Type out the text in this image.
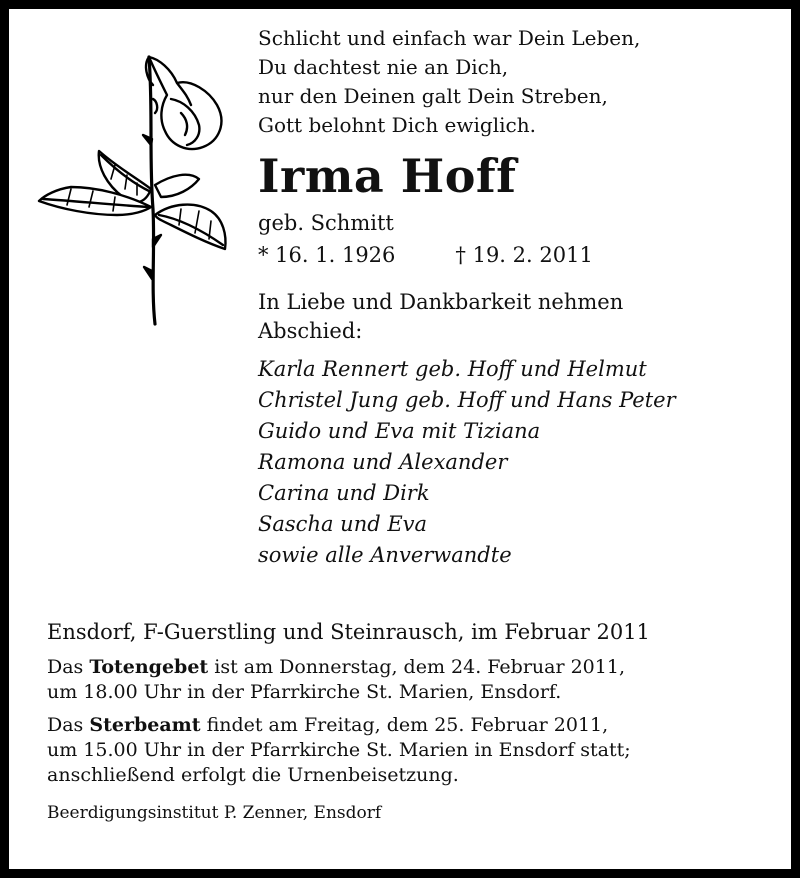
Schlicht und einfach war Dein Leben,
Du dachtest nie an Dich,
nur den Deinen galt Dein Streben,
Gott belohnt Dich ewiglich.
Irma Hoff
geb. Schmitt
* 16. 1. 1926	† 19. 2. 2011
In Liebe und Dankbarkeit nehmen Abschied:
Karla Rennert geb. Hoff und Helmut
Christel Jung geb. Hoff und Hans Peter
Guido und Eva mit Tiziana
Ramona und Alexander
Carina und Dirk
Sascha und Eva
sowie alle Anverwandte
Ensdorf, F-Guerstling und Steinrausch, im Februar 2011
Das Totengebet ist am Donnerstag, dem 24. Februar 2011,
um 18.00 Uhr in der Pfarrkirche St. Marien, Ensdorf.
Das Sterbeamt findet am Freitag, dem 25. Februar 2011,
um 15.00 Uhr in der Pfarrkirche St. Marien in Ensdorf statt;
anschließend erfolgt die Urnenbeisetzung.
Beerdigungsinstitut P. Zenner, Ensdorf
